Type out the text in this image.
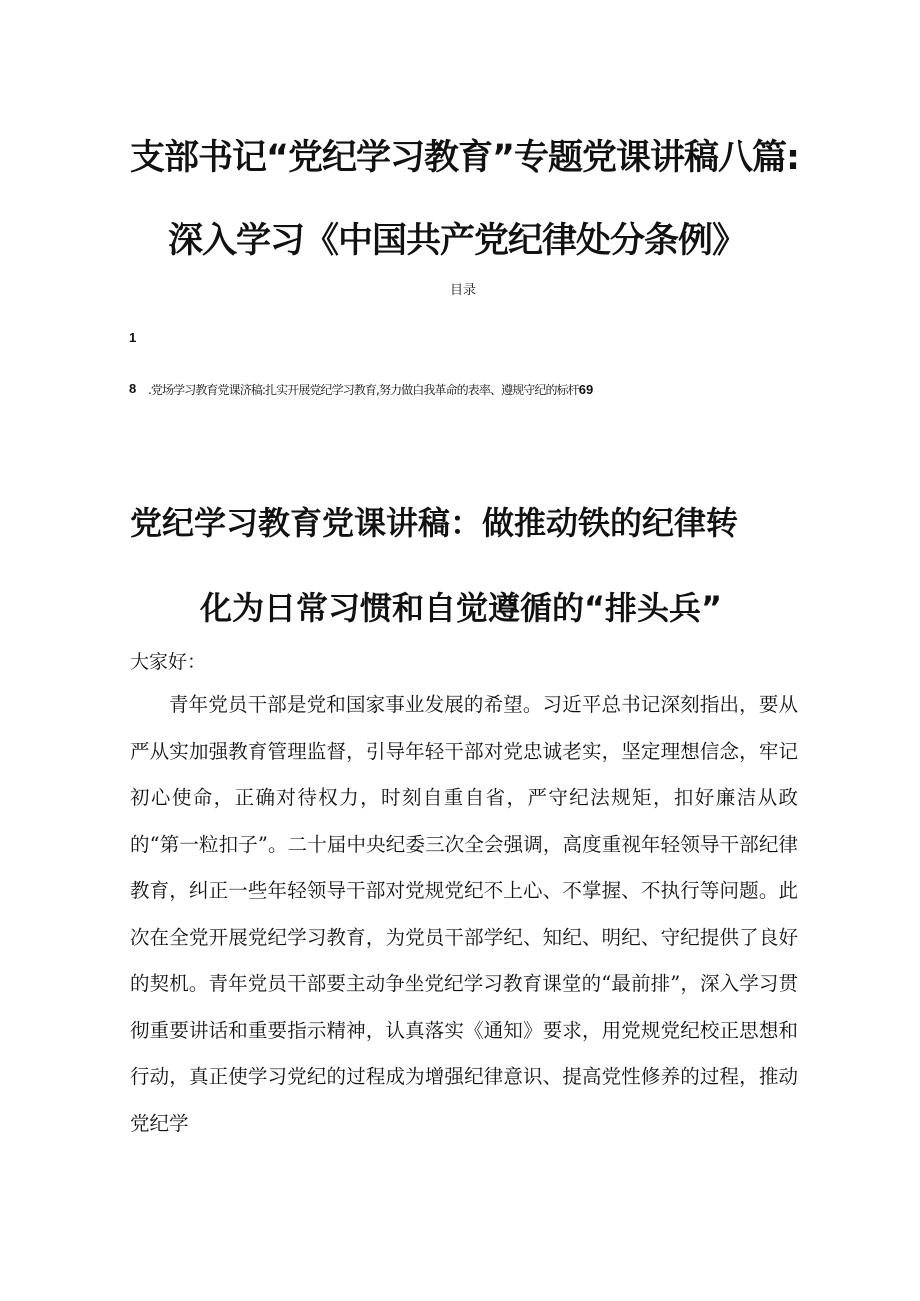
支部书记“党纪学习教育”专题党课讲稿八篇:
深入学习《中国共产党纪律处分条例》
目录
1
8 .党场学习教育党课济稿:扎实开展党纪学习教育,努力做白我革命的表率、遵规守纪的标杆69
党纪学习教育党课讲稿：做推动铁的纪律转
化为日常习惯和自觉遵循的“排头兵”

大家好：

青年党员干部是党和国家事业发展的希望。习近平总书记深刻指出，要从严从实加强教育管理监督，引导年轻干部对党忠诚老实，坚定理想信念，牢记初心使命，正确对待权力，时刻自重自省，严守纪法规矩，扣好廉洁从政的“第一粒扣子”。二十届中央纪委三次全会强调，高度重视年轻领导干部纪律教育，纠正一些年轻领导干部对党规党纪不上心、不掌握、不执行等问题。此次在全党开展党纪学习教育，为党员干部学纪、知纪、明纪、守纪提供了良好的契机。青年党员干部要主动争坐党纪学习教育课堂的“最前排”，深入学习贯彻重要讲话和重要指示精神，认真落实《通知》要求，用党规党纪校正思想和行动，真正使学习党纪的过程成为增强纪律意识、提高党性修养的过程，推动党纪学
